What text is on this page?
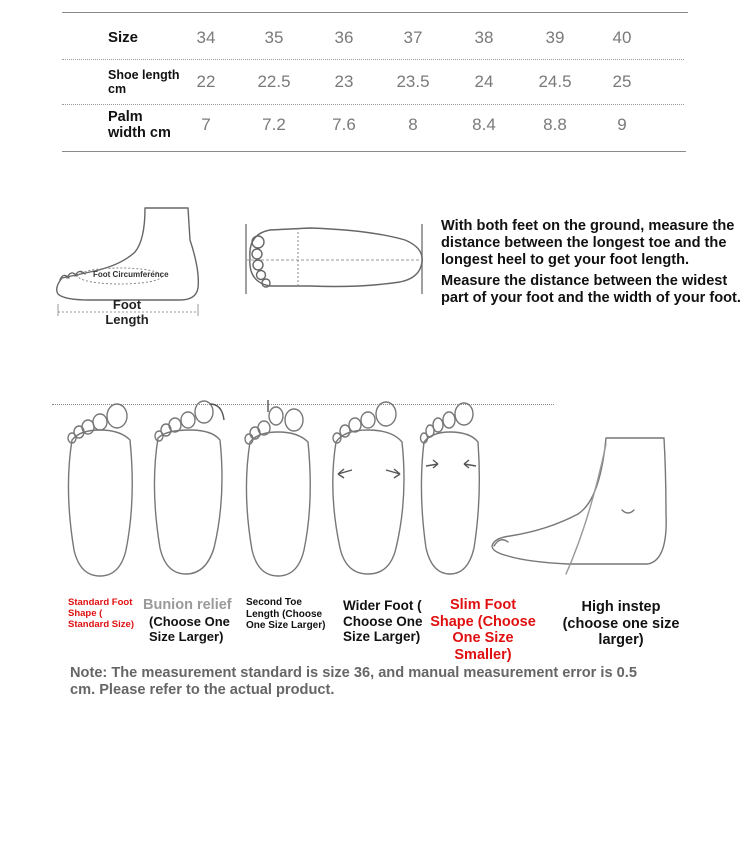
Size	34	35	36	37	38	39	40
Shoe length cm	22	22.5	23	23.5	24	24.5	25
Palm width cm	7	7.2	7.6	8	8.4	8.8	9
Foot Circumference
Foot Length
With both feet on the ground, measure the distance between the longest toe and the longest heel to get your foot length.
Measure the distance between the widest part of your foot and the width of your foot.
Standard Foot Shape ( Standard Size)
Bunion relief
(Choose One Size Larger)
Second Toe Length (Choose One Size Larger)
Wider Foot ( Choose One Size Larger)
Slim Foot Shape (Choose One Size Smaller)
High instep (choose one size larger)
Note: The measurement standard is size 36, and manual measurement error is 0.5 cm. Please refer to the actual product.
